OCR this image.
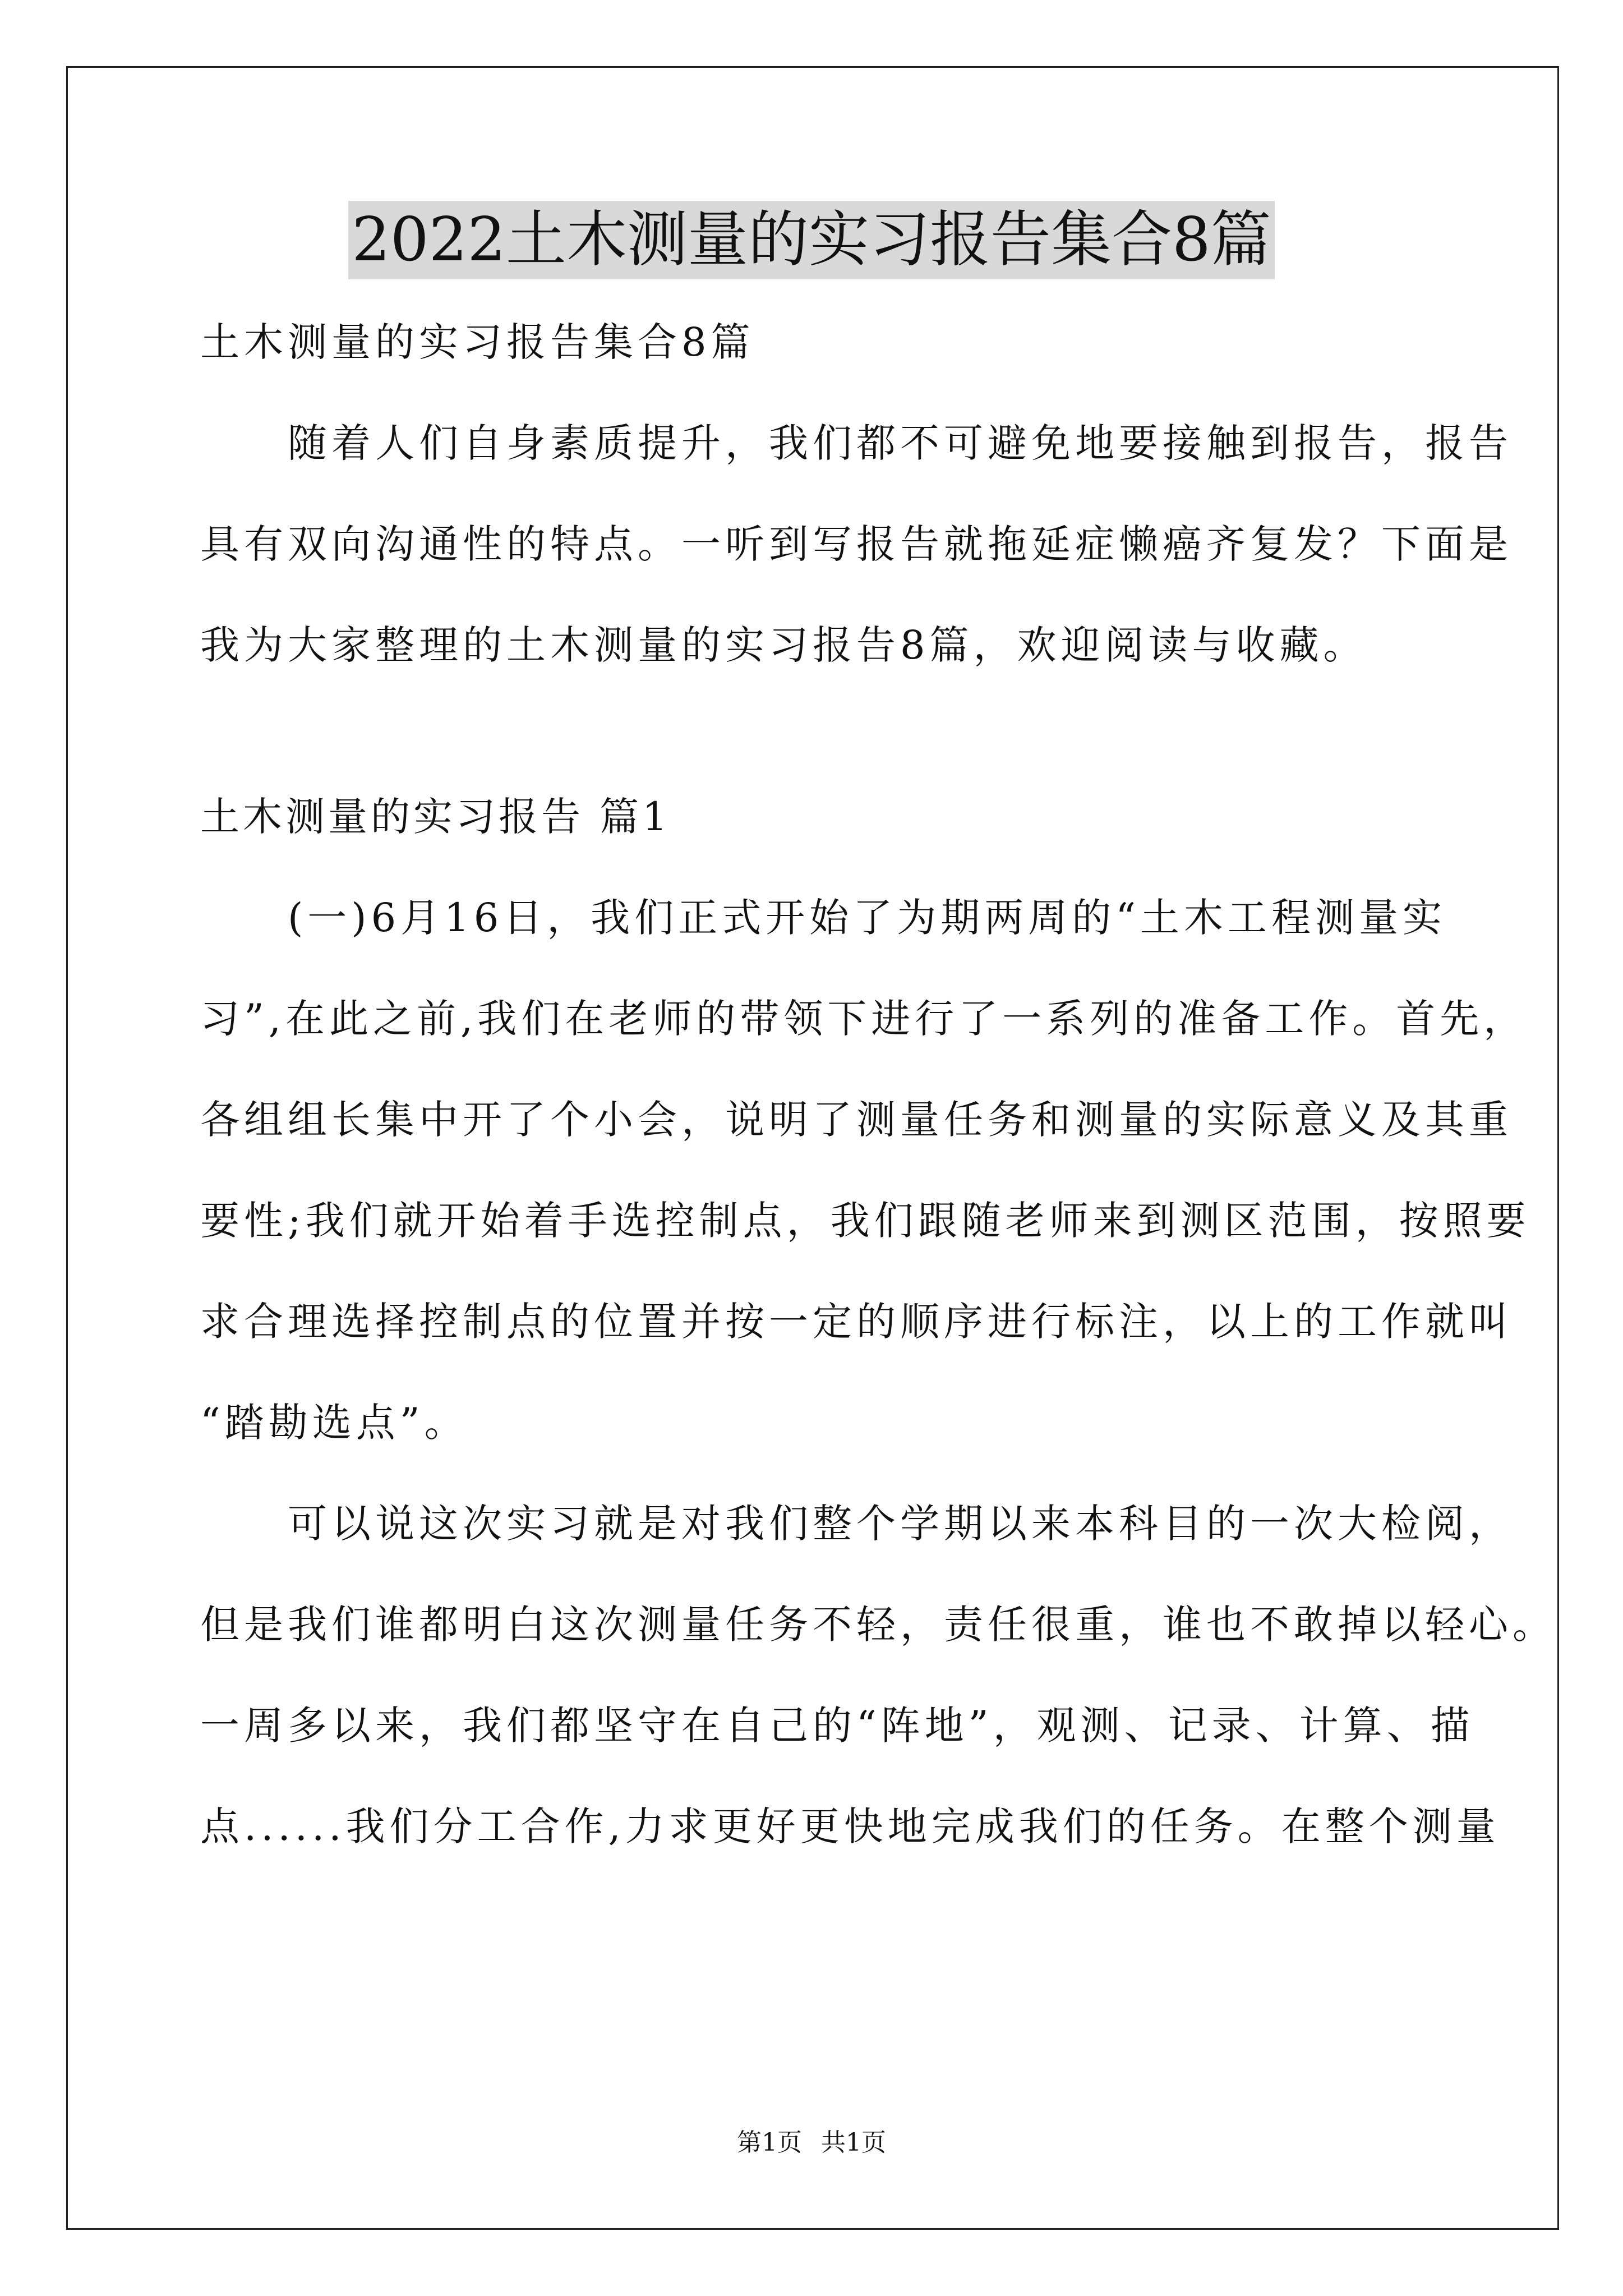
2022土木测量的实习报告集合8篇
土木测量的实习报告集合8篇
　　随着人们自身素质提升，我们都不可避免地要接触到报告，报告
具有双向沟通性的特点。一听到写报告就拖延症懒癌齐复发？下面是
我为大家整理的土木测量的实习报告8篇，欢迎阅读与收藏。
土木测量的实习报告 篇1
　　(一)6月16日，我们正式开始了为期两周的“土木工程测量实
习”,在此之前,我们在老师的带领下进行了一系列的准备工作。首先，
各组组长集中开了个小会，说明了测量任务和测量的实际意义及其重
要性;我们就开始着手选控制点，我们跟随老师来到测区范围，按照要
求合理选择控制点的位置并按一定的顺序进行标注，以上的工作就叫
“踏勘选点”。
　　可以说这次实习就是对我们整个学期以来本科目的一次大检阅，
但是我们谁都明白这次测量任务不轻，责任很重，谁也不敢掉以轻心。
一周多以来，我们都坚守在自己的“阵地”，观测、记录、计算、描
点......我们分工合作,力求更好更快地完成我们的任务。在整个测量
第1页 共1页
